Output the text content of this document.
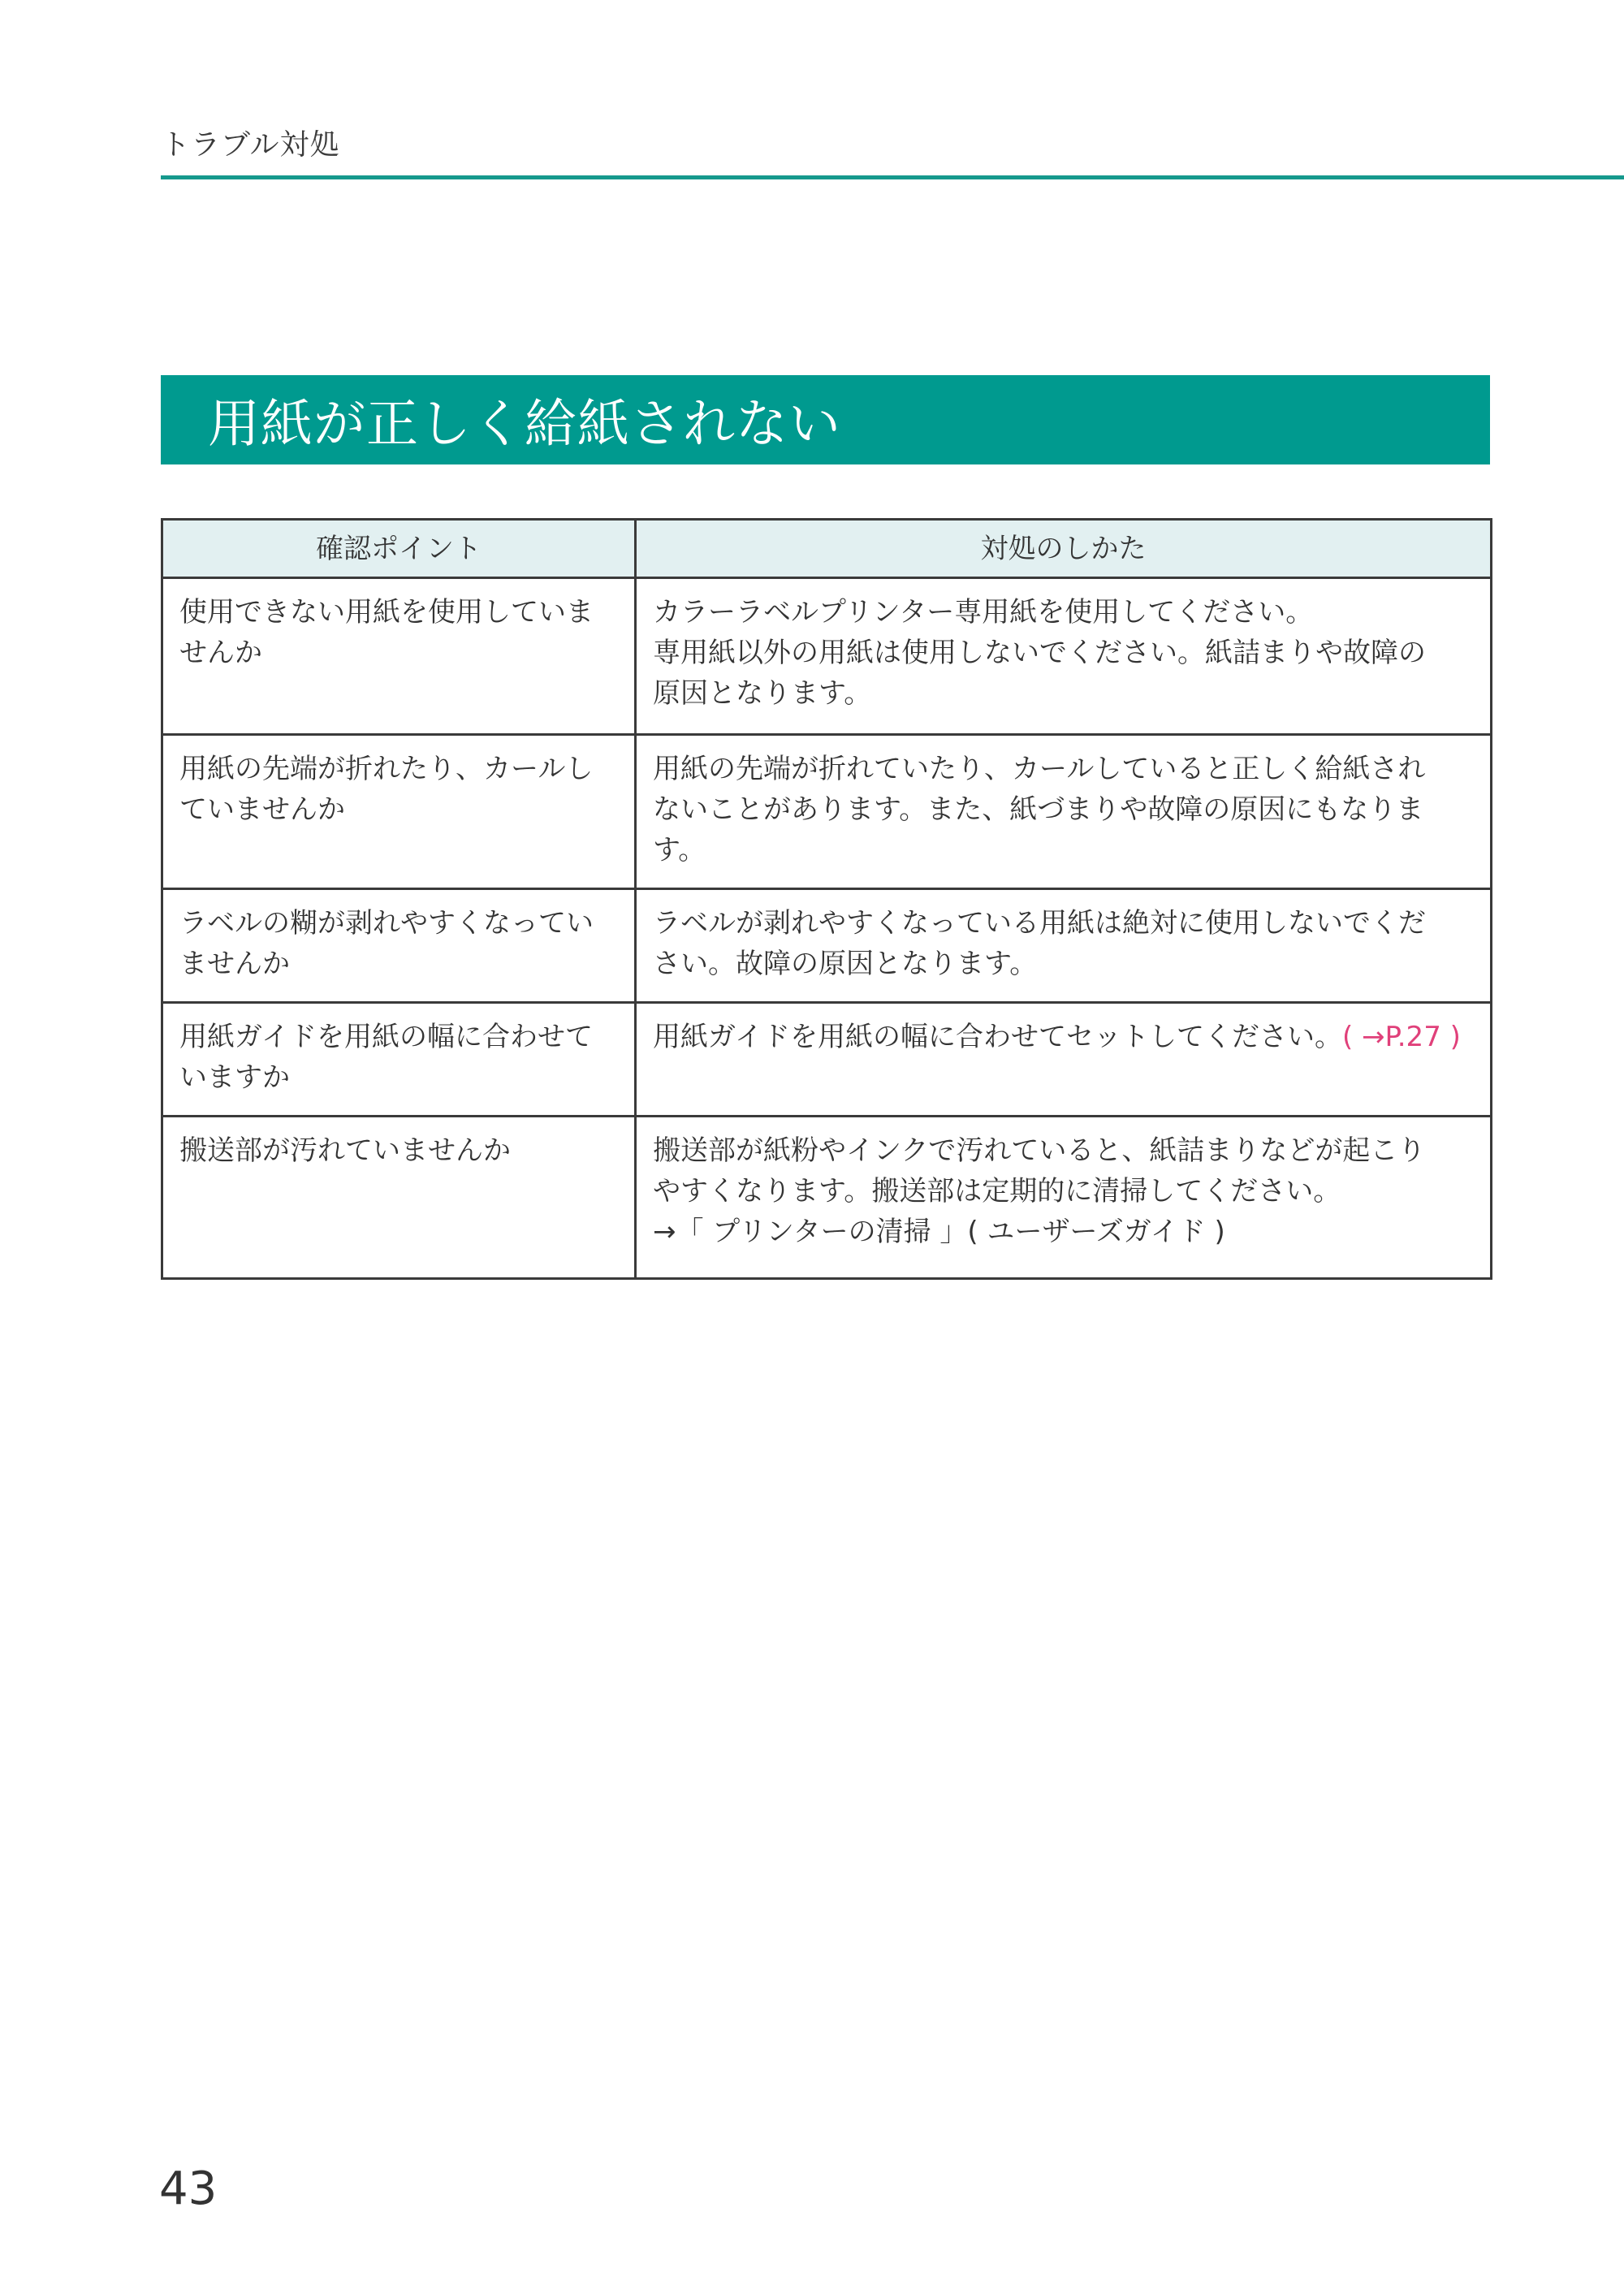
トラブル対処
用紙が正しく給紙されない
確認ポイント	対処のしかた

使用できない用紙を使用していま
せんか	カラーラベルプリンター専用紙を使用してください。
専用紙以外の用紙は使用しないでください。紙詰まりや故障の
原因となります。

用紙の先端が折れたり、カールし
ていませんか	用紙の先端が折れていたり、カールしていると正しく給紙され
ないことがあります。また、紙づまりや故障の原因にもなりま
す。

ラベルの糊が剥れやすくなってい
ませんか	ラベルが剥れやすくなっている用紙は絶対に使用しないでくだ
さい。故障の原因となります。

用紙ガイドを用紙の幅に合わせて
いますか	用紙ガイドを用紙の幅に合わせてセットしてください。( →P.27 )

搬送部が汚れていませんか	搬送部が紙粉やインクで汚れていると、紙詰まりなどが起こり
やすくなります。搬送部は定期的に清掃してください。
→「 プリンターの清掃 」( ユーザーズガイド )
43
